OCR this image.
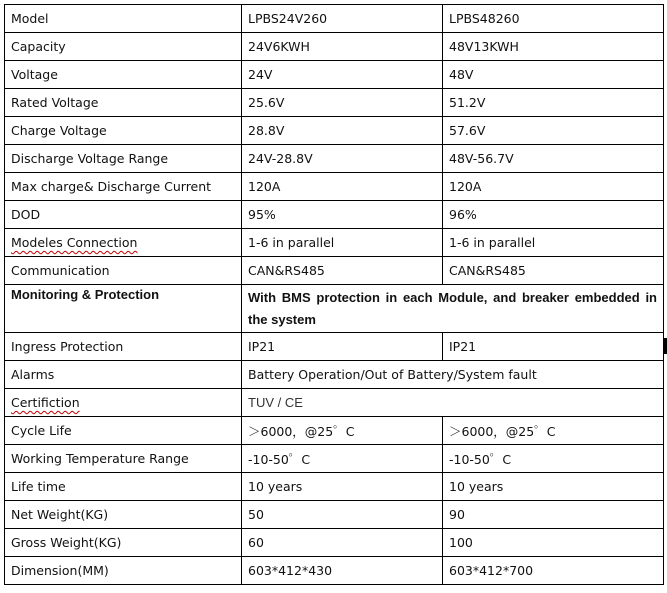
Model	LPBS24V260	LPBS48260
Capacity	24V6KWH	48V13KWH
Voltage	24V	48V
Rated Voltage	25.6V	51.2V
Charge Voltage	28.8V	57.6V
Discharge Voltage Range	24V-28.8V	48V-56.7V
Max charge& Discharge Current	120A	120A
DOD	95%	96%
Modeles Connection	1-6 in parallel	1-6 in parallel
Communication	CAN&RS485	CAN&RS485
Monitoring & Protection	With BMS protection in each Module, and breaker embedded in the system	
Ingress Protection	IP21	IP21
Alarms	Battery Operation/Out of Battery/System fault	
Certifiction	TUV / CE	
Cycle Life	＞6000，@25゜C	＞6000，@25゜C
Working Temperature Range	-10-50゜C	-10-50゜C
Life time	10 years	10 years
Net Weight(KG)	50	90
Gross Weight(KG)	60	100
Dimension(MM)	603*412*430	603*412*700
